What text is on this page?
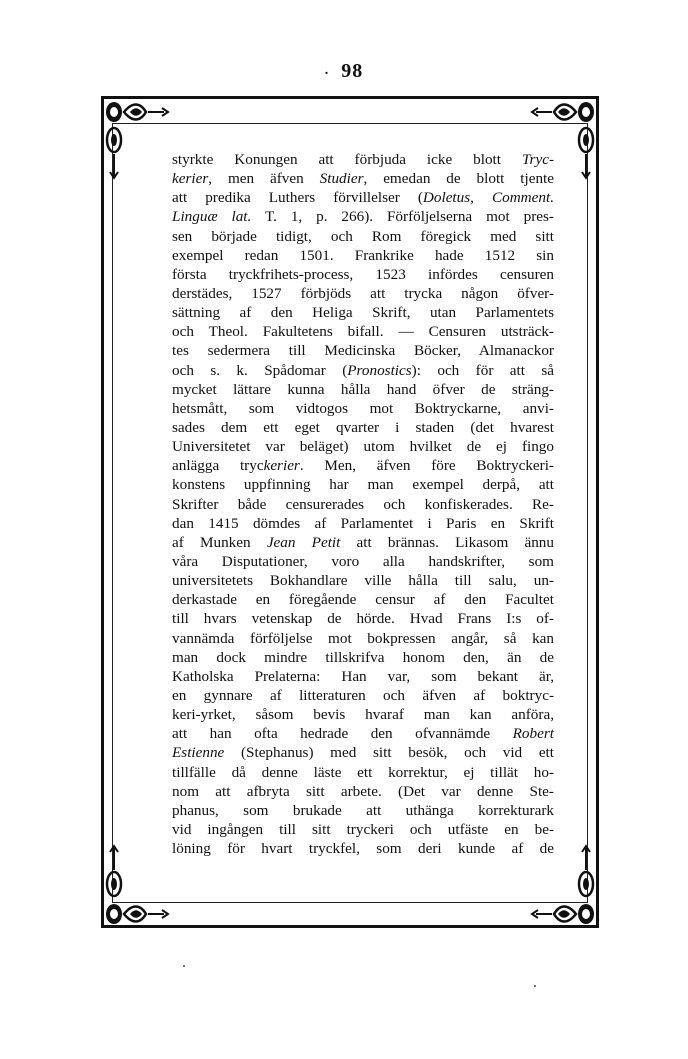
. 98
styrkte Konungen att förbjuda icke blott Tryc-
kerier, men äfven Studier, emedan de blott tjente
att predika Luthers förvillelser (Doletus, Comment.
Linguæ lat. T. 1, p. 266). Förföljelserna mot pres-
sen började tidigt, och Rom föregick med sitt
exempel redan 1501. Frankrike hade 1512 sin
första tryckfrihets-process, 1523 infördes censuren
derstädes, 1527 förbjöds att trycka någon öfver-
sättning af den Heliga Skrift, utan Parlamentets
och Theol. Fakultetens bifall. — Censuren utsträck-
tes sedermera till Medicinska Böcker, Almanackor
och s. k. Spådomar (Pronostics): och för att så
mycket lättare kunna hålla hand öfver de sträng-
hetsmått, som vidtogos mot Boktryckarne, anvi-
sades dem ett eget qvarter i staden (det hvarest
Universitetet var beläget) utom hvilket de ej fingo
anlägga tryckerier. Men, äfven före Boktryckeri-
konstens uppfinning har man exempel derpå, att
Skrifter både censurerades och konfiskerades. Re-
dan 1415 dömdes af Parlamentet i Paris en Skrift
af Munken Jean Petit att brännas. Likasom ännu
våra Disputationer, voro alla handskrifter, som
universitetets Bokhandlare ville hålla till salu, un-
derkastade en föregående censur af den Facultet
till hvars vetenskap de hörde. Hvad Frans I:s of-
vannämda förföljelse mot bokpressen angår, så kan
man dock mindre tillskrifva honom den, än de
Katholska Prelaterna: Han var, som bekant är,
en gynnare af litteraturen och äfven af boktryc-
keri-yrket, såsom bevis hvaraf man kan anföra,
att han ofta hedrade den ofvannämde Robert
Estienne (Stephanus) med sitt besök, och vid ett
tillfälle då denne läste ett korrektur, ej tillät ho-
nom att afbryta sitt arbete. (Det var denne Ste-
phanus, som brukade att uthänga korrekturark
vid ingången till sitt tryckeri och utfäste en be-
löning för hvart tryckfel, som deri kunde af de
